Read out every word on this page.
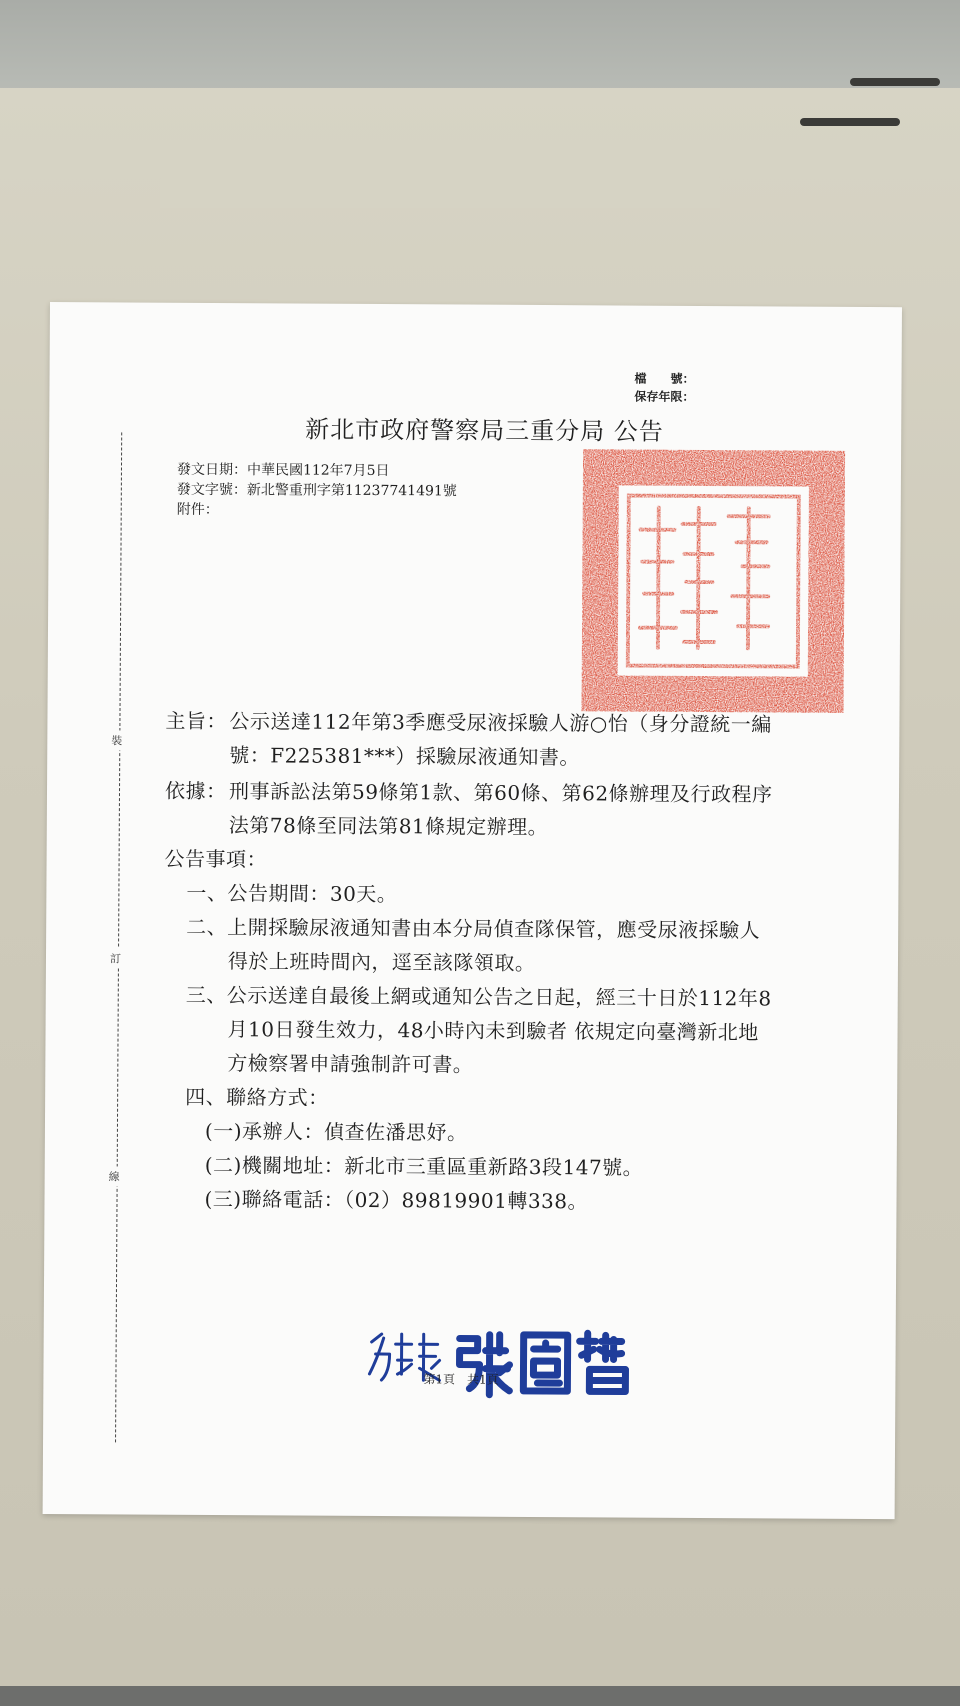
裝
訂
線
檔　　號：
保存年限：
新北市政府警察局三重分局 公告
發文日期：中華民國112年7月5日
發文字號：新北警重刑字第11237741491號
附件：
主旨： 公示送達112年第3季應受尿液採驗人游○怡（身分證統一編
號：F225381***）採驗尿液通知書。
依據： 刑事訴訟法第59條第1款、第60條、第62條辦理及行政程序
法第78條至同法第81條規定辦理。
公告事項：
一、公告期間：30天。
二、上開採驗尿液通知書由本分局偵查隊保管，應受尿液採驗人
得於上班時間內，逕至該隊領取。
三、公示送達自最後上網或通知公告之日起，經三十日於112年8
月10日發生效力，48小時內未到驗者 依規定向臺灣新北地
方檢察署申請強制許可書。
四、聯絡方式：
(一)承辦人：偵查佐潘思妤。
(二)機關地址：新北市三重區重新路3段147號。
(三)聯絡電話：（02）89819901轉338。
第1頁　共1頁
